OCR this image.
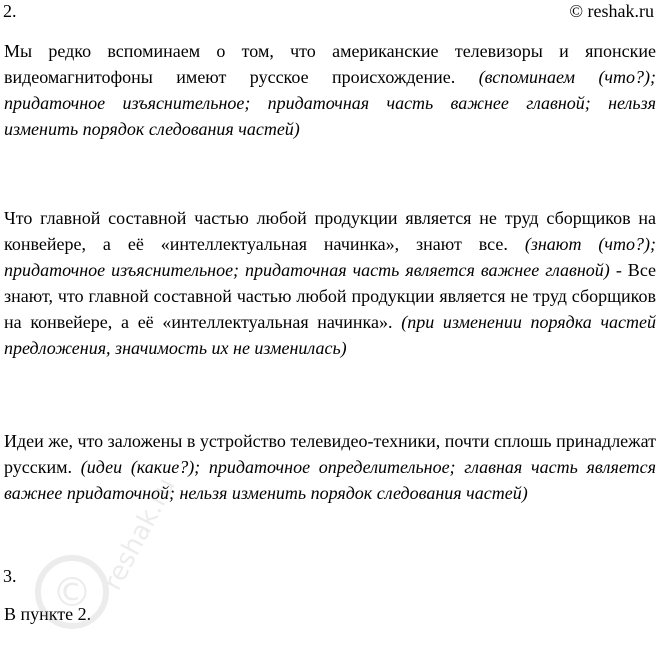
2.	© reshak.ru

Мы редко вспоминаем о том, что американские телевизоры и японские видеомагнитофоны имеют русское происхождение. (вспоминаем (что?); придаточное изъяснительное; придаточная часть важнее главной; нельзя изменить порядок следования частей)

Что главной составной частью любой продукции является не труд сборщиков на конвейере, а её «интеллектуальная начинка», знают все. (знают (что?); придаточное изъяснительное; придаточная часть является важнее главной) - Все знают, что главной составной частью любой продукции является не труд сборщиков на конвейере, а её «интеллектуальная начинка». (при изменении порядка частей предложения, значимость их не изменилась)

Идеи же, что заложены в устройство телевидео-техники, почти сплошь принадлежат русским. (идеи (какие?); придаточное определительное; главная часть является важнее придаточной; нельзя изменить порядок следования частей)

3.
В пункте 2.
© reshak.ru
